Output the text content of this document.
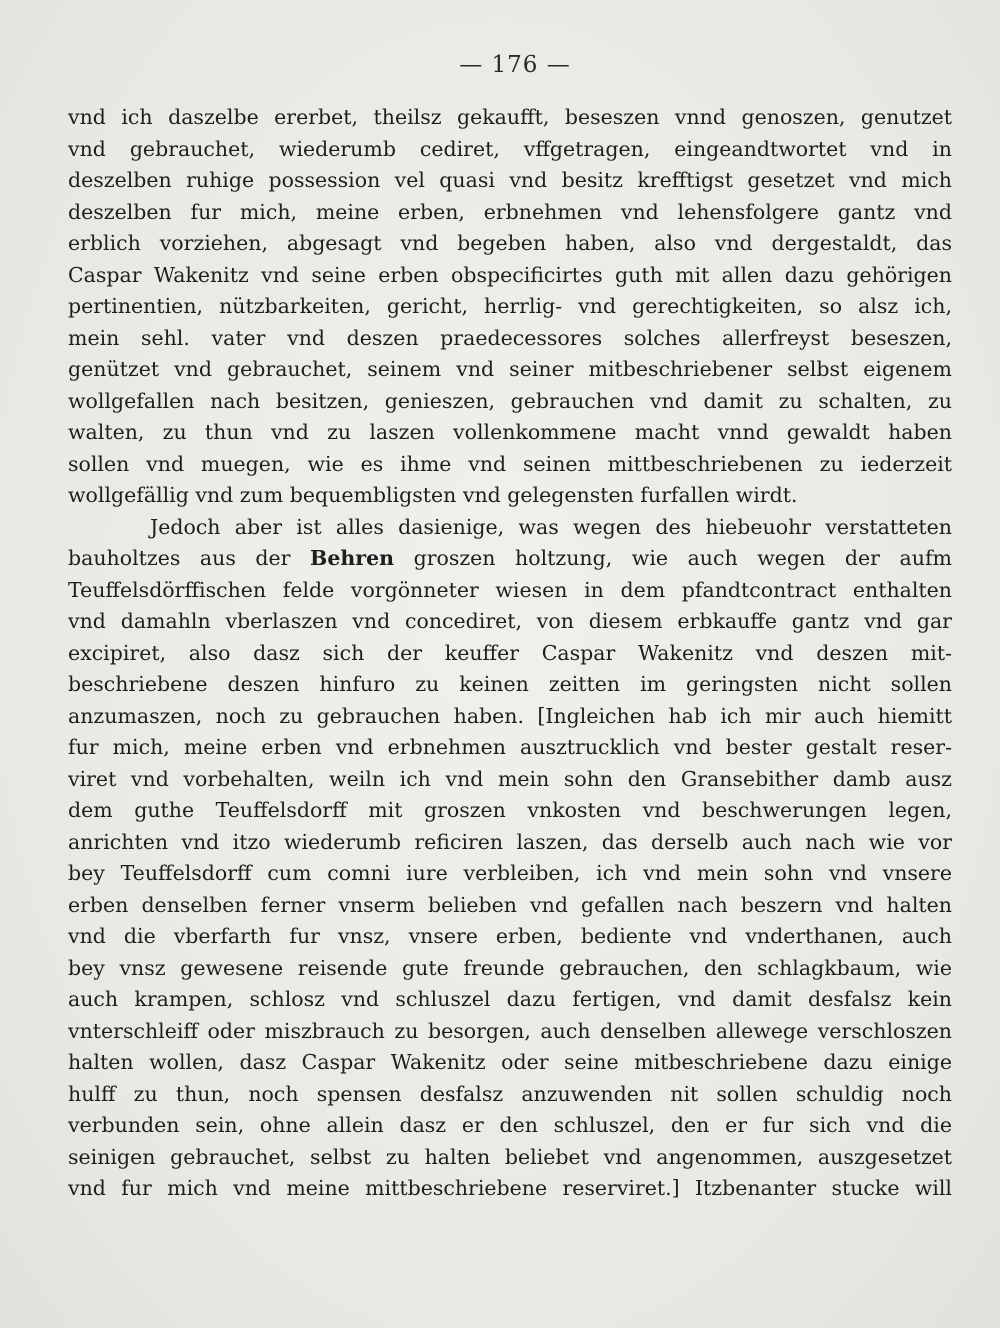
— 176 —
vnd ich daszelbe ererbet, theilsz gekaufft, beseszen vnnd genoszen, genutzet
vnd gebrauchet, wiederumb cediret, vffgetragen, eingeandtwortet vnd in
deszelben ruhige possession vel quasi vnd besitz krefftigst gesetzet vnd mich
deszelben fur mich, meine erben, erbnehmen vnd lehensfolgere gantz vnd
erblich vorziehen, abgesagt vnd begeben haben, also vnd dergestaldt, das
Caspar Wakenitz vnd seine erben obspecificirtes guth mit allen dazu gehörigen
pertinentien, nützbarkeiten, gericht, herrlig- vnd gerechtigkeiten, so alsz ich,
mein sehl. vater vnd deszen praedecessores solches allerfreyst beseszen,
genützet vnd gebrauchet, seinem vnd seiner mitbeschriebener selbst eigenem
wollgefallen nach besitzen, genieszen, gebrauchen vnd damit zu schalten, zu
walten, zu thun vnd zu laszen vollenkommene macht vnnd gewaldt haben
sollen vnd muegen, wie es ihme vnd seinen mittbeschriebenen zu iederzeit
wollgefällig vnd zum bequembligsten vnd gelegensten furfallen wirdt.
Jedoch aber ist alles dasienige, was wegen des hiebeuohr verstatteten
bauholtzes aus der Behren groszen holtzung, wie auch wegen der aufm
Teuffelsdörffischen felde vorgönneter wiesen in dem pfandtcontract enthalten
vnd damahln vberlaszen vnd concediret, von diesem erbkauffe gantz vnd gar
excipiret, also dasz sich der keuffer Caspar Wakenitz vnd deszen mit-
beschriebene deszen hinfuro zu keinen zeitten im geringsten nicht sollen
anzumaszen, noch zu gebrauchen haben. [Ingleichen hab ich mir auch hiemitt
fur mich, meine erben vnd erbnehmen ausztrucklich vnd bester gestalt reser-
viret vnd vorbehalten, weiln ich vnd mein sohn den Gransebither damb ausz
dem guthe Teuffelsdorff mit groszen vnkosten vnd beschwerungen legen,
anrichten vnd itzo wiederumb reficiren laszen, das derselb auch nach wie vor
bey Teuffelsdorff cum comni iure verbleiben, ich vnd mein sohn vnd vnsere
erben denselben ferner vnserm belieben vnd gefallen nach beszern vnd halten
vnd die vberfarth fur vnsz, vnsere erben, bediente vnd vnderthanen, auch
bey vnsz gewesene reisende gute freunde gebrauchen, den schlagkbaum, wie
auch krampen, schlosz vnd schluszel dazu fertigen, vnd damit desfalsz kein
vnterschleiff oder miszbrauch zu besorgen, auch denselben allewege verschloszen
halten wollen, dasz Caspar Wakenitz oder seine mitbeschriebene dazu einige
hulff zu thun, noch spensen desfalsz anzuwenden nit sollen schuldig noch
verbunden sein, ohne allein dasz er den schluszel, den er fur sich vnd die
seinigen gebrauchet, selbst zu halten beliebet vnd angenommen, auszgesetzet
vnd fur mich vnd meine mittbeschriebene reserviret.] Itzbenanter stucke will
